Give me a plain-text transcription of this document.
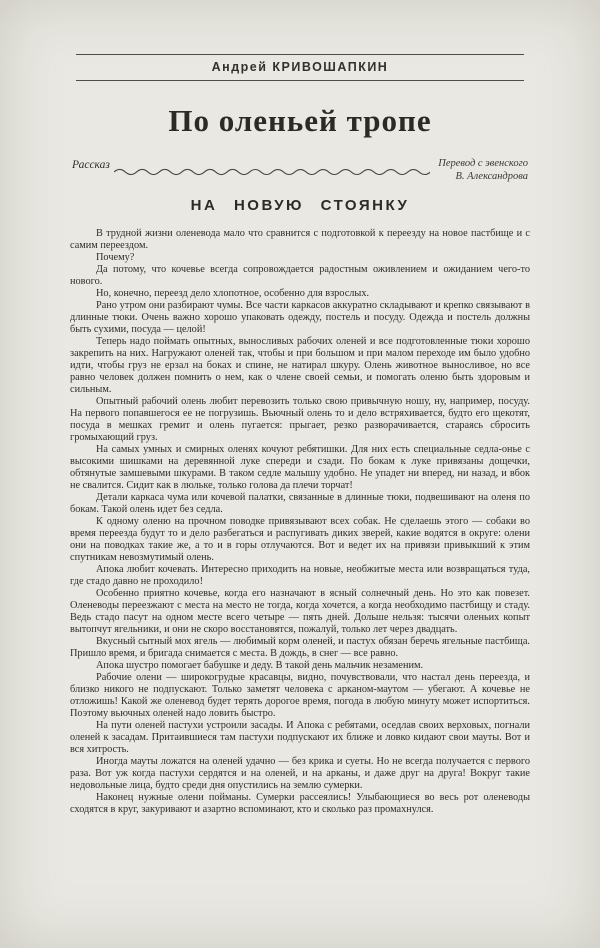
Андрей КРИВОШАПКИН
По оленьей тропе
Рассказ	Перевод с эвенского
В. Александрова
НА НОВУЮ СТОЯНКУ

В трудной жизни оленевода мало что сравнится с подготовкой к переезду на новое пастбище и с самим переездом.

Почему?

Да потому, что кочевье всегда сопровождается радостным оживлением и ожиданием чего-то нового.

Но, конечно, переезд дело хлопотное, особенно для взрослых.

Рано утром они разбирают чумы. Все части каркасов аккуратно складывают и крепко связывают в длинные тюки. Очень важно хорошо упаковать одежду, постель и посуду. Одежда и постель должны быть сухими, посуда — целой!

Теперь надо поймать опытных, выносливых рабочих оленей и все подготовленные тюки хорошо закрепить на них. Нагружают оленей так, чтобы и при большом и при малом переходе им было удобно идти, чтобы груз не ерзал на боках и спине, не натирал шкуру. Олень животное выносливое, но все равно человек должен помнить о нем, как о члене своей семьи, и помогать оленю быть здоровым и сильным.

Опытный рабочий олень любит перевозить только свою привычную ношу, ну, например, посуду. На первого попавшегося ее не погрузишь. Вьючный олень то и дело встряхивается, будто его щекотят, посуда в мешках гремит и олень пугается: прыгает, резко разворачивается, стараясь сбросить громыхающий груз.

На самых умных и смирных оленях кочуют ребятишки. Для них есть специальные седла-онье с высокими шишками на деревянной луке спереди и сзади. По бокам к луке привязаны дощечки, обтянутые замшевыми шкурами. В таком седле малышу удобно. Не упадет ни вперед, ни назад, и вбок не свалится. Сидит как в люльке, только голова да плечи торчат!

Детали каркаса чума или кочевой палатки, связанные в длинные тюки, подвешивают на оленя по бокам. Такой олень идет без седла.

К одному оленю на прочном поводке привязывают всех собак. Не сделаешь этого — собаки во время переезда будут то и дело разбегаться и распугивать диких зверей, какие водятся в округе: олени они на поводках такие же, а то и в горы отлучаются. Вот и ведет их на привязи привыкший к этим спутникам невозмутимый олень.

Апока любит кочевать. Интересно приходить на новые, необжитые места или возвращаться туда, где стадо давно не проходило!

Особенно приятно кочевье, когда его назначают в ясный солнечный день. Но это как повезет. Оленеводы переезжают с места на место не тогда, когда хочется, а когда необходимо пастбищу и стаду. Ведь стадо пасут на одном месте всего четыре — пять дней. Дольше нельзя: тысячи оленьих копыт вытопчут ягельники, и они не скоро восстановятся, пожалуй, только лет через двадцать.

Вкусный сытный мох ягель — любимый корм оленей, и пастух обязан беречь ягельные пастбища. Пришло время, и бригада снимается с места. В дождь, в снег — все равно.

Апока шустро помогает бабушке и деду. В такой день мальчик незаменим.

Рабочие олени — широкогрудые красавцы, видно, почувствовали, что настал день переезда, и близко никого не подпускают. Только заметят человека с арканом-маутом — убегают. А кочевье не отложишь! Какой же оленевод будет терять дорогое время, погода в любую минуту может испортиться. Поэтому вьючных оленей надо ловить быстро.

На пути оленей пастухи устроили засады. И Апока с ребятами, оседлав своих верховых, погнали оленей к засадам. Притаившиеся там пастухи подпускают их ближе и ловко кидают свои мауты. Вот и вся хитрость.

Иногда мауты ложатся на оленей удачно — без крика и суеты. Но не всегда получается с первого раза. Вот уж когда пастухи сердятся и на оленей, и на арканы, и даже друг на друга! Вокруг такие недовольные лица, будто среди дня опустились на землю сумерки.

Наконец нужные олени пойманы. Сумерки рассеялись! Улыбающиеся во весь рот оленеводы сходятся в круг, закуривают и азартно вспоминают, кто и сколько раз промахнулся.
